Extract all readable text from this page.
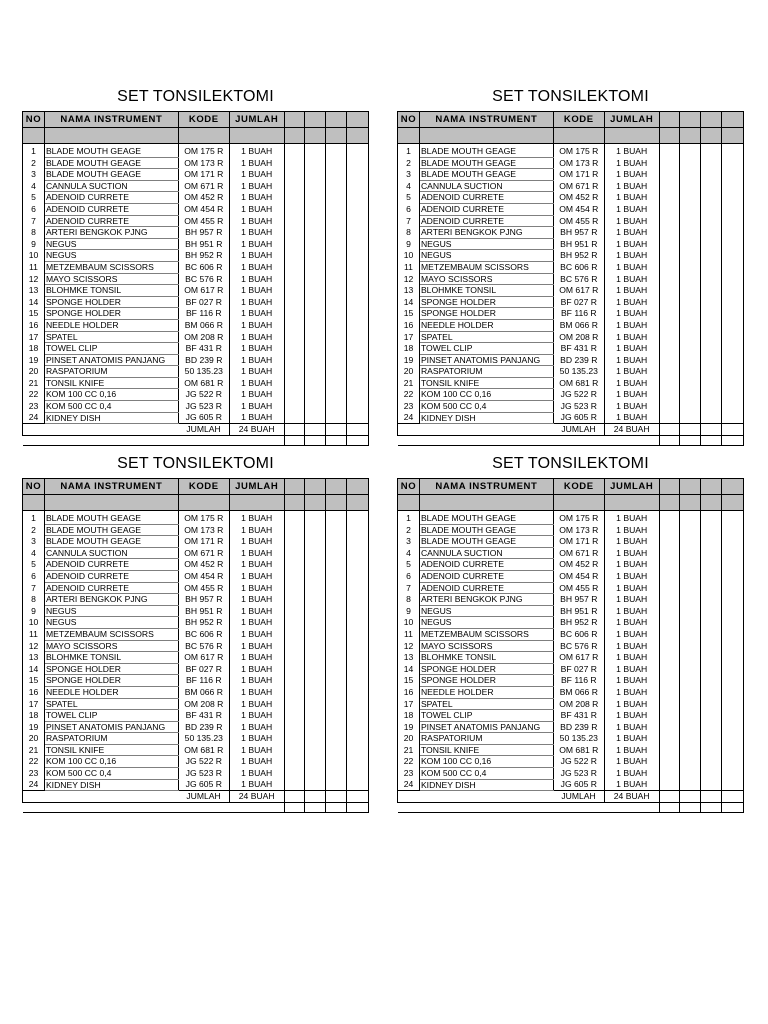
SET TONSILEKTOMI
NO	NAMA INSTRUMENT	KODE	JUMLAH				

1	BLADE MOUTH GEAGE	OM 175 R	1 BUAH				
2	BLADE MOUTH GEAGE	OM 173 R	1 BUAH				
3	BLADE MOUTH GEAGE	OM 171 R	1 BUAH				
4	CANNULA SUCTION	OM 671 R	1 BUAH				
5	ADENOID CURRETE	OM 452 R	1 BUAH				
6	ADENOID CURRETE	OM 454 R	1 BUAH				
7	ADENOID CURRETE	OM 455 R	1 BUAH				
8	ARTERI BENGKOK PJNG	BH 957 R	1 BUAH				
9	NEGUS	BH 951 R	1 BUAH				
10	NEGUS	BH 952 R	1 BUAH				
11	METZEMBAUM SCISSORS	BC 606 R	1 BUAH				
12	MAYO SCISSORS	BC 576 R	1 BUAH				
13	BLOHMKE TONSIL	OM 617 R	1 BUAH				
14	SPONGE HOLDER	BF 027 R	1 BUAH				
15	SPONGE HOLDER	BF 116 R	1 BUAH				
16	NEEDLE HOLDER	BM 066 R	1 BUAH				
17	SPATEL	OM 208 R	1 BUAH				
18	TOWEL CLIP	BF 431 R	1 BUAH				
19	PINSET ANATOMIS PANJANG	BD 239 R	1 BUAH				
20	RASPATORIUM	50 135.23	1 BUAH				
21	TONSIL KNIFE	OM 681 R	1 BUAH				
22	KOM 100 CC 0,16	JG 522 R	1 BUAH				
23	KOM 500 CC 0,4	JG 523 R	1 BUAH				
24	KIDNEY DISH	JG 605 R	1 BUAH				
JUMLAH			24 BUAH				

SET TONSILEKTOMI
NO	NAMA INSTRUMENT	KODE	JUMLAH				

1	BLADE MOUTH GEAGE	OM 175 R	1 BUAH				
2	BLADE MOUTH GEAGE	OM 173 R	1 BUAH				
3	BLADE MOUTH GEAGE	OM 171 R	1 BUAH				
4	CANNULA SUCTION	OM 671 R	1 BUAH				
5	ADENOID CURRETE	OM 452 R	1 BUAH				
6	ADENOID CURRETE	OM 454 R	1 BUAH				
7	ADENOID CURRETE	OM 455 R	1 BUAH				
8	ARTERI BENGKOK PJNG	BH 957 R	1 BUAH				
9	NEGUS	BH 951 R	1 BUAH				
10	NEGUS	BH 952 R	1 BUAH				
11	METZEMBAUM SCISSORS	BC 606 R	1 BUAH				
12	MAYO SCISSORS	BC 576 R	1 BUAH				
13	BLOHMKE TONSIL	OM 617 R	1 BUAH				
14	SPONGE HOLDER	BF 027 R	1 BUAH				
15	SPONGE HOLDER	BF 116 R	1 BUAH				
16	NEEDLE HOLDER	BM 066 R	1 BUAH				
17	SPATEL	OM 208 R	1 BUAH				
18	TOWEL CLIP	BF 431 R	1 BUAH				
19	PINSET ANATOMIS PANJANG	BD 239 R	1 BUAH				
20	RASPATORIUM	50 135.23	1 BUAH				
21	TONSIL KNIFE	OM 681 R	1 BUAH				
22	KOM 100 CC 0,16	JG 522 R	1 BUAH				
23	KOM 500 CC 0,4	JG 523 R	1 BUAH				
24	KIDNEY DISH	JG 605 R	1 BUAH				
JUMLAH			24 BUAH				

SET TONSILEKTOMI
NO	NAMA INSTRUMENT	KODE	JUMLAH				

1	BLADE MOUTH GEAGE	OM 175 R	1 BUAH				
2	BLADE MOUTH GEAGE	OM 173 R	1 BUAH				
3	BLADE MOUTH GEAGE	OM 171 R	1 BUAH				
4	CANNULA SUCTION	OM 671 R	1 BUAH				
5	ADENOID CURRETE	OM 452 R	1 BUAH				
6	ADENOID CURRETE	OM 454 R	1 BUAH				
7	ADENOID CURRETE	OM 455 R	1 BUAH				
8	ARTERI BENGKOK PJNG	BH 957 R	1 BUAH				
9	NEGUS	BH 951 R	1 BUAH				
10	NEGUS	BH 952 R	1 BUAH				
11	METZEMBAUM SCISSORS	BC 606 R	1 BUAH				
12	MAYO SCISSORS	BC 576 R	1 BUAH				
13	BLOHMKE TONSIL	OM 617 R	1 BUAH				
14	SPONGE HOLDER	BF 027 R	1 BUAH				
15	SPONGE HOLDER	BF 116 R	1 BUAH				
16	NEEDLE HOLDER	BM 066 R	1 BUAH				
17	SPATEL	OM 208 R	1 BUAH				
18	TOWEL CLIP	BF 431 R	1 BUAH				
19	PINSET ANATOMIS PANJANG	BD 239 R	1 BUAH				
20	RASPATORIUM	50 135.23	1 BUAH				
21	TONSIL KNIFE	OM 681 R	1 BUAH				
22	KOM 100 CC 0,16	JG 522 R	1 BUAH				
23	KOM 500 CC 0,4	JG 523 R	1 BUAH				
24	KIDNEY DISH	JG 605 R	1 BUAH				
JUMLAH			24 BUAH				

SET TONSILEKTOMI
NO	NAMA INSTRUMENT	KODE	JUMLAH				

1	BLADE MOUTH GEAGE	OM 175 R	1 BUAH				
2	BLADE MOUTH GEAGE	OM 173 R	1 BUAH				
3	BLADE MOUTH GEAGE	OM 171 R	1 BUAH				
4	CANNULA SUCTION	OM 671 R	1 BUAH				
5	ADENOID CURRETE	OM 452 R	1 BUAH				
6	ADENOID CURRETE	OM 454 R	1 BUAH				
7	ADENOID CURRETE	OM 455 R	1 BUAH				
8	ARTERI BENGKOK PJNG	BH 957 R	1 BUAH				
9	NEGUS	BH 951 R	1 BUAH				
10	NEGUS	BH 952 R	1 BUAH				
11	METZEMBAUM SCISSORS	BC 606 R	1 BUAH				
12	MAYO SCISSORS	BC 576 R	1 BUAH				
13	BLOHMKE TONSIL	OM 617 R	1 BUAH				
14	SPONGE HOLDER	BF 027 R	1 BUAH				
15	SPONGE HOLDER	BF 116 R	1 BUAH				
16	NEEDLE HOLDER	BM 066 R	1 BUAH				
17	SPATEL	OM 208 R	1 BUAH				
18	TOWEL CLIP	BF 431 R	1 BUAH				
19	PINSET ANATOMIS PANJANG	BD 239 R	1 BUAH				
20	RASPATORIUM	50 135.23	1 BUAH				
21	TONSIL KNIFE	OM 681 R	1 BUAH				
22	KOM 100 CC 0,16	JG 522 R	1 BUAH				
23	KOM 500 CC 0,4	JG 523 R	1 BUAH				
24	KIDNEY DISH	JG 605 R	1 BUAH				
JUMLAH			24 BUAH				
